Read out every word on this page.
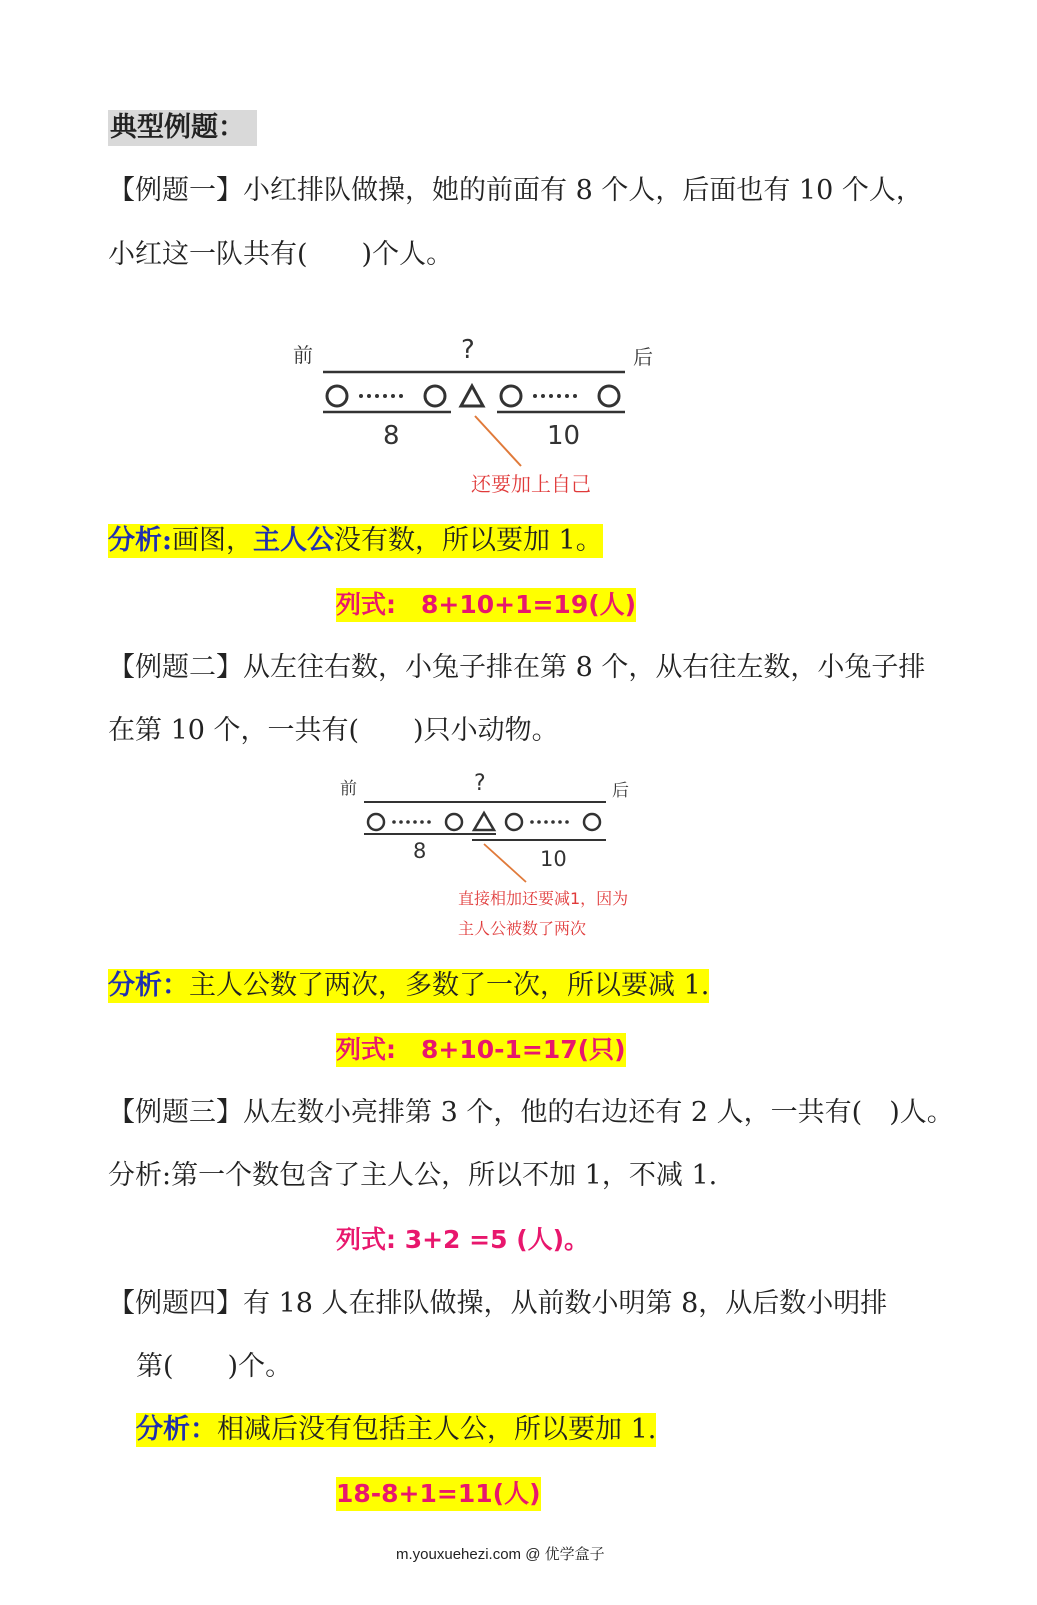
典型例题：
【例题一】小红排队做操，她的前面有 8 个人，后面也有 10 个人，
小红这一队共有(　　)个人。
前	后
?
8	10
还要加上自己
分析:画图，主人公没有数，所以要加 1。
列式:　8+10+1=19(人)
【例题二】从左往右数，小兔子排在第 8 个，从右往左数，小兔子排
在第 10 个，一共有(　　)只小动物。
前	后
?
8	10
直接相加还要减1，因为
主人公被数了两次
分析：主人公数了两次，多数了一次，所以要减 1.
列式:　8+10-1=17(只)
【例题三】从左数小亮排第 3 个，他的右边还有 2 人，一共有(　)人。
分析:第一个数包含了主人公，所以不加 1，不减 1.
列式: 3+2 =5 (人)。
【例题四】有 18 人在排队做操，从前数小明第 8，从后数小明排
第(　　)个。
分析：相减后没有包括主人公，所以要加 1.
18-8+1=11(人)
m.youxuehezi.com @ 优学盒子
